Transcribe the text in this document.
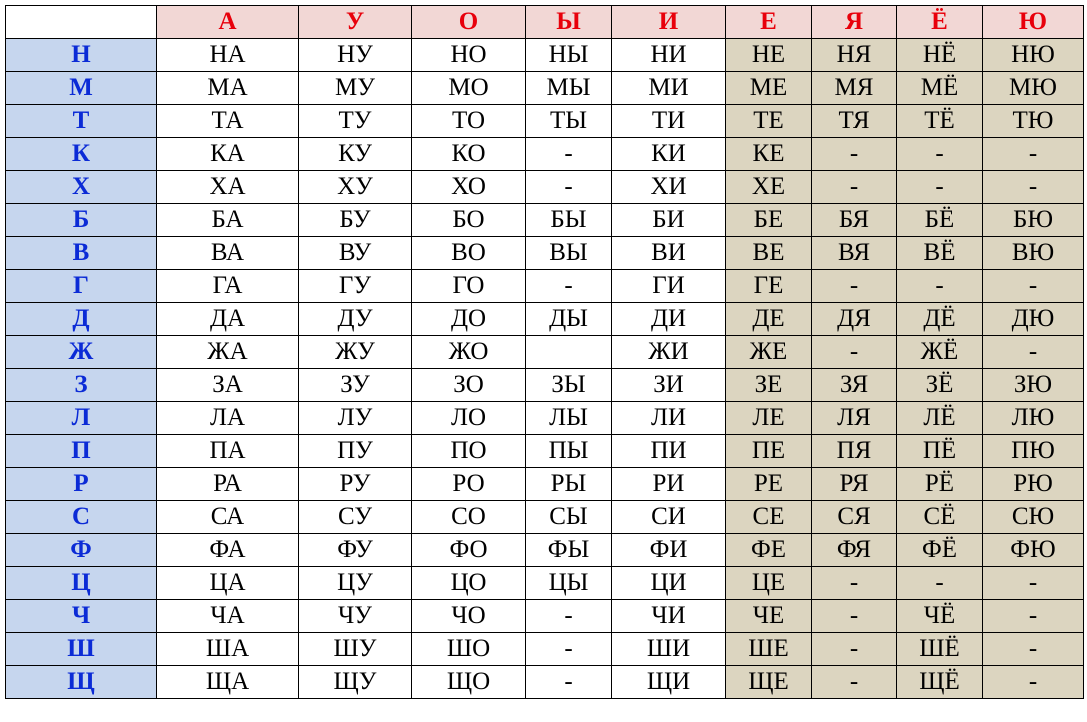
	А	У	О	Ы	И	Е	Я	Ё	Ю
Н	НА	НУ	НО	НЫ	НИ	НЕ	НЯ	НЁ	НЮ
М	МА	МУ	МО	МЫ	МИ	МЕ	МЯ	МЁ	МЮ
Т	ТА	ТУ	ТО	ТЫ	ТИ	ТЕ	ТЯ	ТЁ	ТЮ
К	КА	КУ	КО	-	КИ	КЕ	-	-	-
Х	ХА	ХУ	ХО	-	ХИ	ХЕ	-	-	-
Б	БА	БУ	БО	БЫ	БИ	БЕ	БЯ	БЁ	БЮ
В	ВА	ВУ	ВО	ВЫ	ВИ	ВЕ	ВЯ	ВЁ	ВЮ
Г	ГА	ГУ	ГО	-	ГИ	ГЕ	-	-	-
Д	ДА	ДУ	ДО	ДЫ	ДИ	ДЕ	ДЯ	ДЁ	ДЮ
Ж	ЖА	ЖУ	ЖО		ЖИ	ЖЕ	-	ЖЁ	-
З	ЗА	ЗУ	ЗО	ЗЫ	ЗИ	ЗЕ	ЗЯ	ЗЁ	ЗЮ
Л	ЛА	ЛУ	ЛО	ЛЫ	ЛИ	ЛЕ	ЛЯ	ЛЁ	ЛЮ
П	ПА	ПУ	ПО	ПЫ	ПИ	ПЕ	ПЯ	ПЁ	ПЮ
Р	РА	РУ	РО	РЫ	РИ	РЕ	РЯ	РЁ	РЮ
С	СА	СУ	СО	СЫ	СИ	СЕ	СЯ	СЁ	СЮ
Ф	ФА	ФУ	ФО	ФЫ	ФИ	ФЕ	ФЯ	ФЁ	ФЮ
Ц	ЦА	ЦУ	ЦО	ЦЫ	ЦИ	ЦЕ	-	-	-
Ч	ЧА	ЧУ	ЧО	-	ЧИ	ЧЕ	-	ЧЁ	-
Ш	ША	ШУ	ШО	-	ШИ	ШЕ	-	ШЁ	-
Щ	ЩА	ЩУ	ЩО	-	ЩИ	ЩЕ	-	ЩЁ	-
